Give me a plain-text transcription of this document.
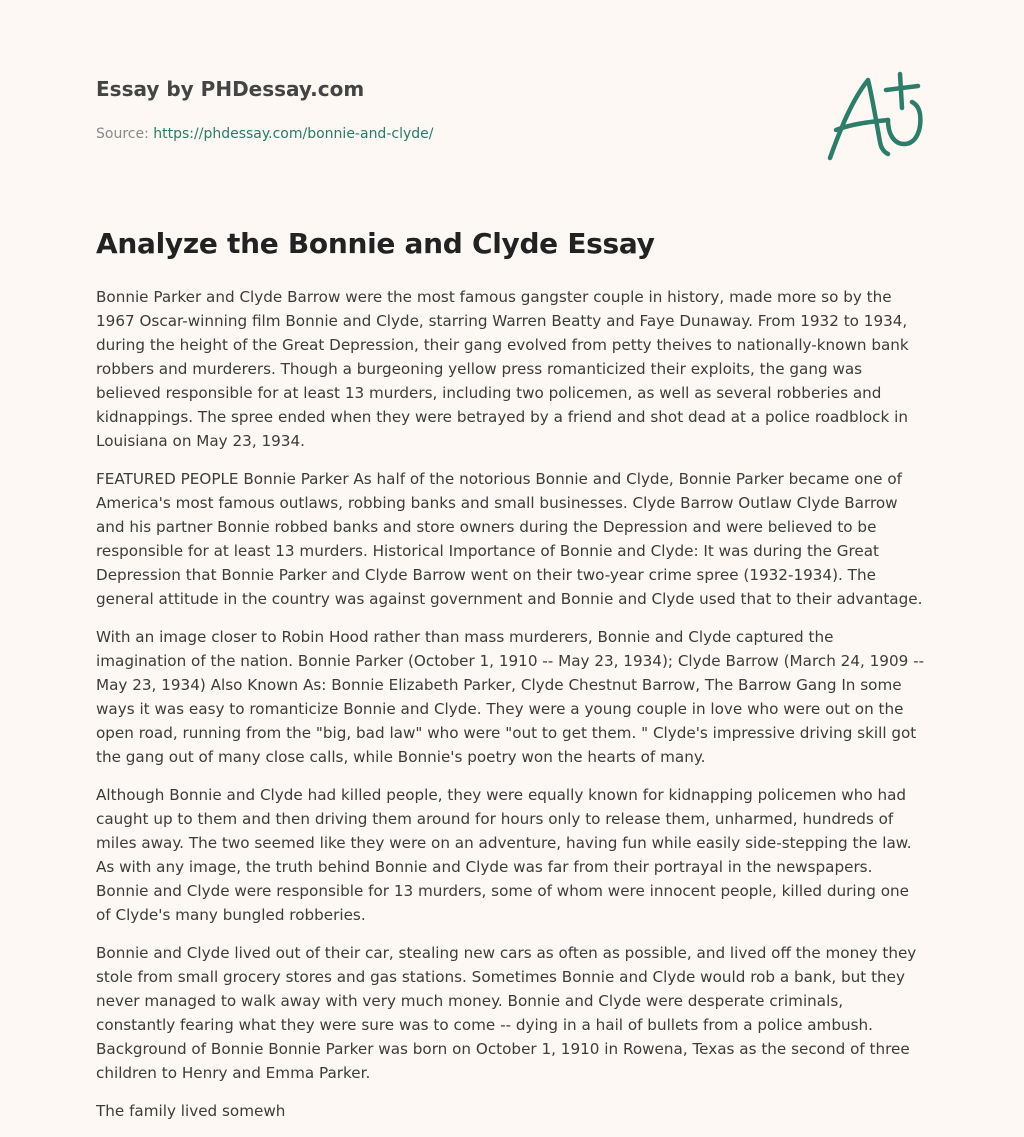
Essay by PHDessay.com
Source: https://phdessay.com/bonnie-and-clyde/
Analyze the Bonnie and Clyde Essay

Bonnie Parker and Clyde Barrow were the most famous gangster couple in history, made more so by the 1967 Oscar-winning film Bonnie and Clyde, starring Warren Beatty and Faye Dunaway. From 1932 to 1934, during the height of the Great Depression, their gang evolved from petty theives to nationally-known bank robbers and murderers. Though a burgeoning yellow press romanticized their exploits, the gang was believed responsible for at least 13 murders, including two policemen, as well as several robberies and kidnappings. The spree ended when they were betrayed by a friend and shot dead at a police roadblock in Louisiana on May 23, 1934.

FEATURED PEOPLE Bonnie Parker As half of the notorious Bonnie and Clyde, Bonnie Parker became one of America's most famous outlaws, robbing banks and small businesses. Clyde Barrow Outlaw Clyde Barrow and his partner Bonnie robbed banks and store owners during the Depression and were believed to be responsible for at least 13 murders. Historical Importance of Bonnie and Clyde: It was during the Great Depression that Bonnie Parker and Clyde Barrow went on their two-year crime spree (1932-1934). The general attitude in the country was against government and Bonnie and Clyde used that to their advantage.

With an image closer to Robin Hood rather than mass murderers, Bonnie and Clyde captured the imagination of the nation. Bonnie Parker (October 1, 1910 -- May 23, 1934); Clyde Barrow (March 24, 1909 -- May 23, 1934) Also Known As: Bonnie Elizabeth Parker, Clyde Chestnut Barrow, The Barrow Gang In some ways it was easy to romanticize Bonnie and Clyde. They were a young couple in love who were out on the open road, running from the "big, bad law" who were "out to get them. " Clyde's impressive driving skill got the gang out of many close calls, while Bonnie's poetry won the hearts of many.

Although Bonnie and Clyde had killed people, they were equally known for kidnapping policemen who had caught up to them and then driving them around for hours only to release them, unharmed, hundreds of miles away. The two seemed like they were on an adventure, having fun while easily side-stepping the law. As with any image, the truth behind Bonnie and Clyde was far from their portrayal in the newspapers. Bonnie and Clyde were responsible for 13 murders, some of whom were innocent people, killed during one of Clyde's many bungled robberies.

Bonnie and Clyde lived out of their car, stealing new cars as often as possible, and lived off the money they stole from small grocery stores and gas stations. Sometimes Bonnie and Clyde would rob a bank, but they never managed to walk away with very much money. Bonnie and Clyde were desperate criminals, constantly fearing what they were sure was to come -- dying in a hail of bullets from a police ambush. Background of Bonnie Bonnie Parker was born on October 1, 1910 in Rowena, Texas as the second of three children to Henry and Emma Parker.

The family lived somewh
